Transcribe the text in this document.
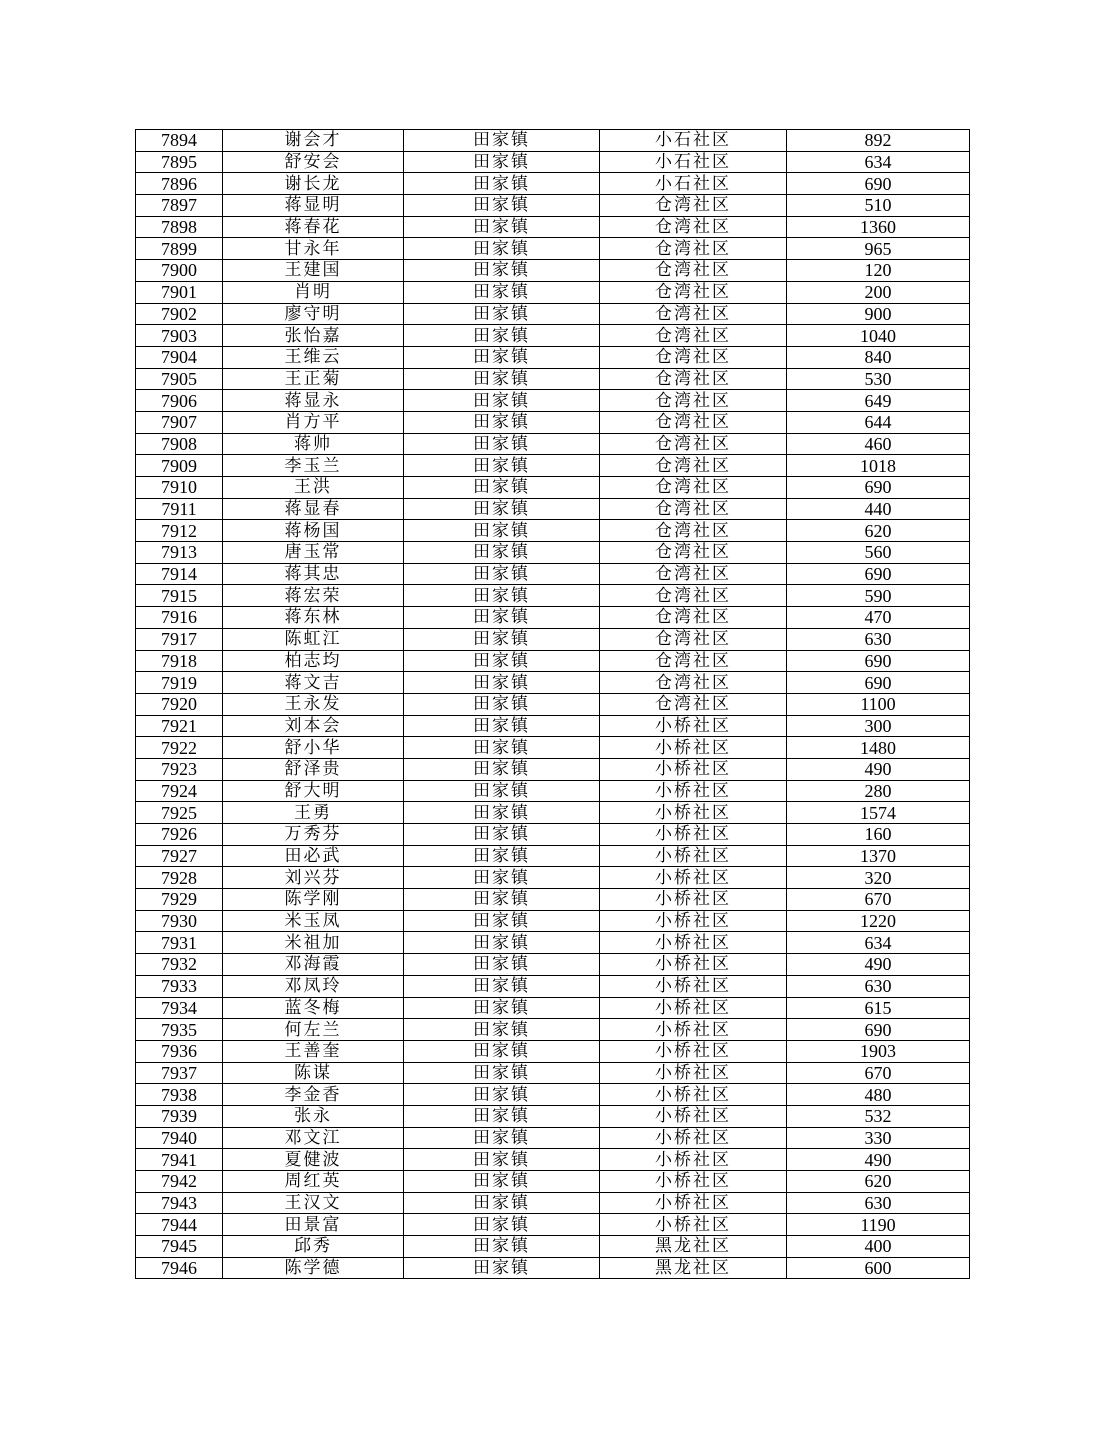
7894	谢会才	田家镇	小石社区	892
7895	舒安会	田家镇	小石社区	634
7896	谢长龙	田家镇	小石社区	690
7897	蒋显明	田家镇	仓湾社区	510
7898	蒋春花	田家镇	仓湾社区	1360
7899	甘永年	田家镇	仓湾社区	965
7900	王建国	田家镇	仓湾社区	120
7901	肖明	田家镇	仓湾社区	200
7902	廖守明	田家镇	仓湾社区	900
7903	张怡嘉	田家镇	仓湾社区	1040
7904	王维云	田家镇	仓湾社区	840
7905	王正菊	田家镇	仓湾社区	530
7906	蒋显永	田家镇	仓湾社区	649
7907	肖方平	田家镇	仓湾社区	644
7908	蒋帅	田家镇	仓湾社区	460
7909	李玉兰	田家镇	仓湾社区	1018
7910	王洪	田家镇	仓湾社区	690
7911	蒋显春	田家镇	仓湾社区	440
7912	蒋杨国	田家镇	仓湾社区	620
7913	唐玉常	田家镇	仓湾社区	560
7914	蒋其忠	田家镇	仓湾社区	690
7915	蒋宏荣	田家镇	仓湾社区	590
7916	蒋东林	田家镇	仓湾社区	470
7917	陈虹江	田家镇	仓湾社区	630
7918	柏志均	田家镇	仓湾社区	690
7919	蒋文吉	田家镇	仓湾社区	690
7920	王永发	田家镇	仓湾社区	1100
7921	刘本会	田家镇	小桥社区	300
7922	舒小华	田家镇	小桥社区	1480
7923	舒泽贵	田家镇	小桥社区	490
7924	舒大明	田家镇	小桥社区	280
7925	王勇	田家镇	小桥社区	1574
7926	万秀芬	田家镇	小桥社区	160
7927	田必武	田家镇	小桥社区	1370
7928	刘兴芬	田家镇	小桥社区	320
7929	陈学刚	田家镇	小桥社区	670
7930	米玉凤	田家镇	小桥社区	1220
7931	米祖加	田家镇	小桥社区	634
7932	邓海霞	田家镇	小桥社区	490
7933	邓凤玲	田家镇	小桥社区	630
7934	蓝冬梅	田家镇	小桥社区	615
7935	何左兰	田家镇	小桥社区	690
7936	王善奎	田家镇	小桥社区	1903
7937	陈谋	田家镇	小桥社区	670
7938	李金香	田家镇	小桥社区	480
7939	张永	田家镇	小桥社区	532
7940	邓文江	田家镇	小桥社区	330
7941	夏健波	田家镇	小桥社区	490
7942	周红英	田家镇	小桥社区	620
7943	王汉文	田家镇	小桥社区	630
7944	田景富	田家镇	小桥社区	1190
7945	邱秀	田家镇	黑龙社区	400
7946	陈学德	田家镇	黑龙社区	600
